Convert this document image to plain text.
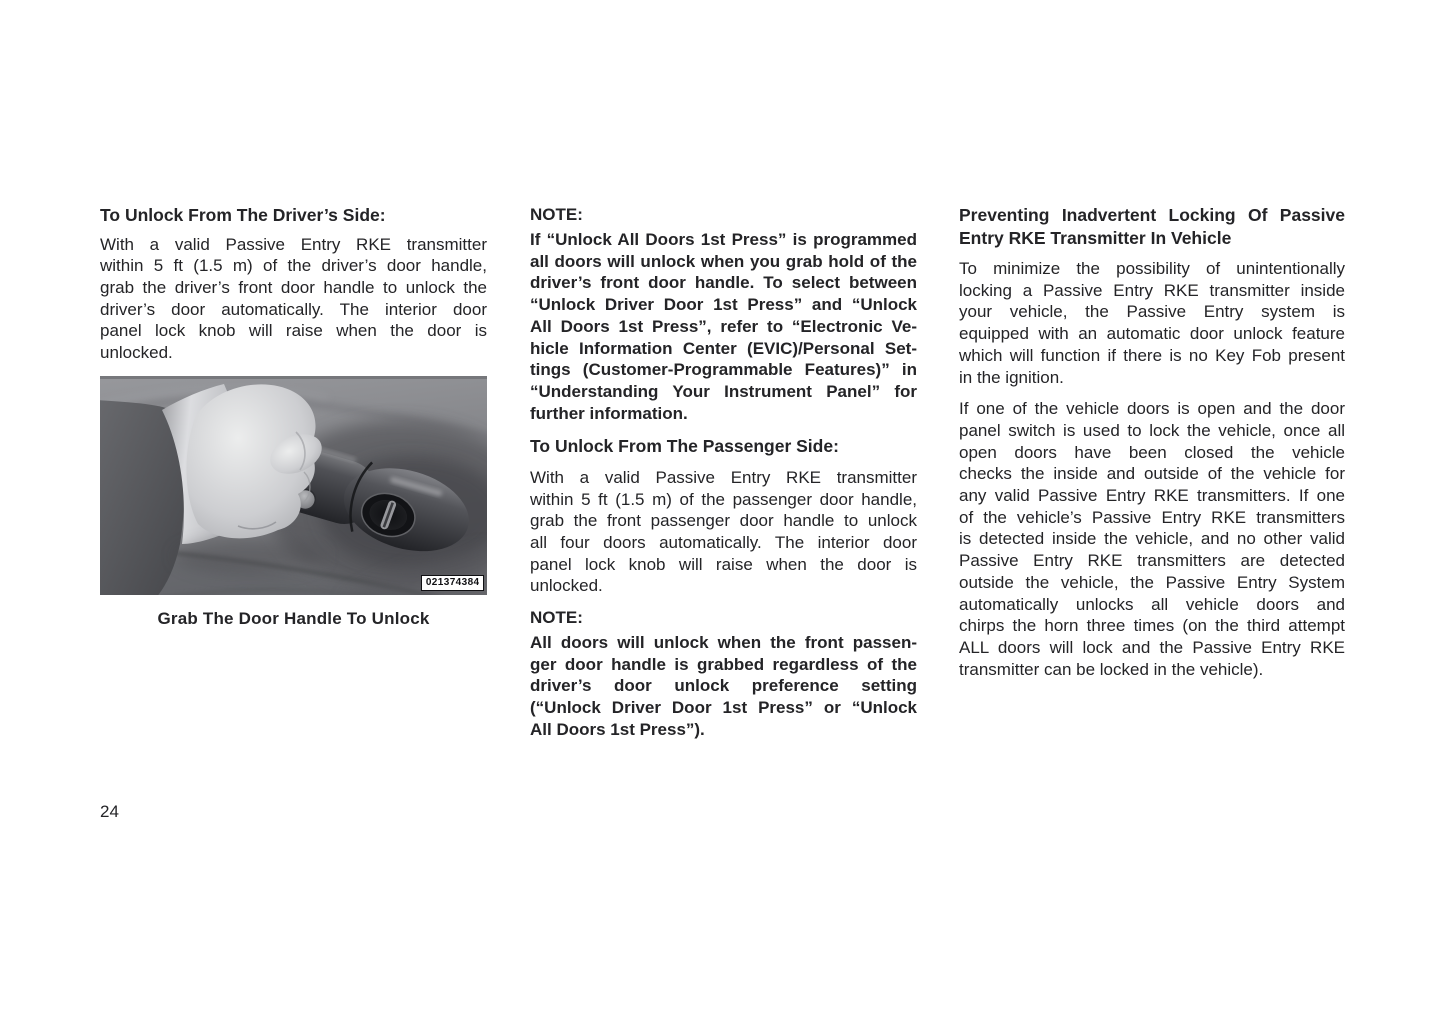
To Unlock From The Driver’s Side:
With a valid Passive Entry RKE transmitter
within 5 ft (1.5 m) of the driver’s door handle,
grab the driver’s front door handle to unlock the
driver’s door automatically. The interior door
panel lock knob will raise when the door is
unlocked.
021374384
Grab The Door Handle To Unlock
NOTE:
If “Unlock All Doors 1st Press” is programmed
all doors will unlock when you grab hold of the
driver’s front door handle. To select between
“Unlock Driver Door 1st Press” and “Unlock
All Doors 1st Press”, refer to “Electronic Ve-
hicle Information Center (EVIC)/Personal Set-
tings (Customer-Programmable Features)” in
“Understanding Your Instrument Panel” for
further information.
To Unlock From The Passenger Side:
With a valid Passive Entry RKE transmitter
within 5 ft (1.5 m) of the passenger door handle,
grab the front passenger door handle to unlock
all four doors automatically. The interior door
panel lock knob will raise when the door is
unlocked.
NOTE:
All doors will unlock when the front passen-
ger door handle is grabbed regardless of the
driver’s door unlock preference setting
(“Unlock Driver Door 1st Press” or “Unlock
All Doors 1st Press”).
Preventing Inadvertent Locking Of Passive
Entry RKE Transmitter In Vehicle
To minimize the possibility of unintentionally
locking a Passive Entry RKE transmitter inside
your vehicle, the Passive Entry system is
equipped with an automatic door unlock feature
which will function if there is no Key Fob present
in the ignition.
If one of the vehicle doors is open and the door
panel switch is used to lock the vehicle, once all
open doors have been closed the vehicle
checks the inside and outside of the vehicle for
any valid Passive Entry RKE transmitters. If one
of the vehicle’s Passive Entry RKE transmitters
is detected inside the vehicle, and no other valid
Passive Entry RKE transmitters are detected
outside the vehicle, the Passive Entry System
automatically unlocks all vehicle doors and
chirps the horn three times (on the third attempt
ALL doors will lock and the Passive Entry RKE
transmitter can be locked in the vehicle).
24
